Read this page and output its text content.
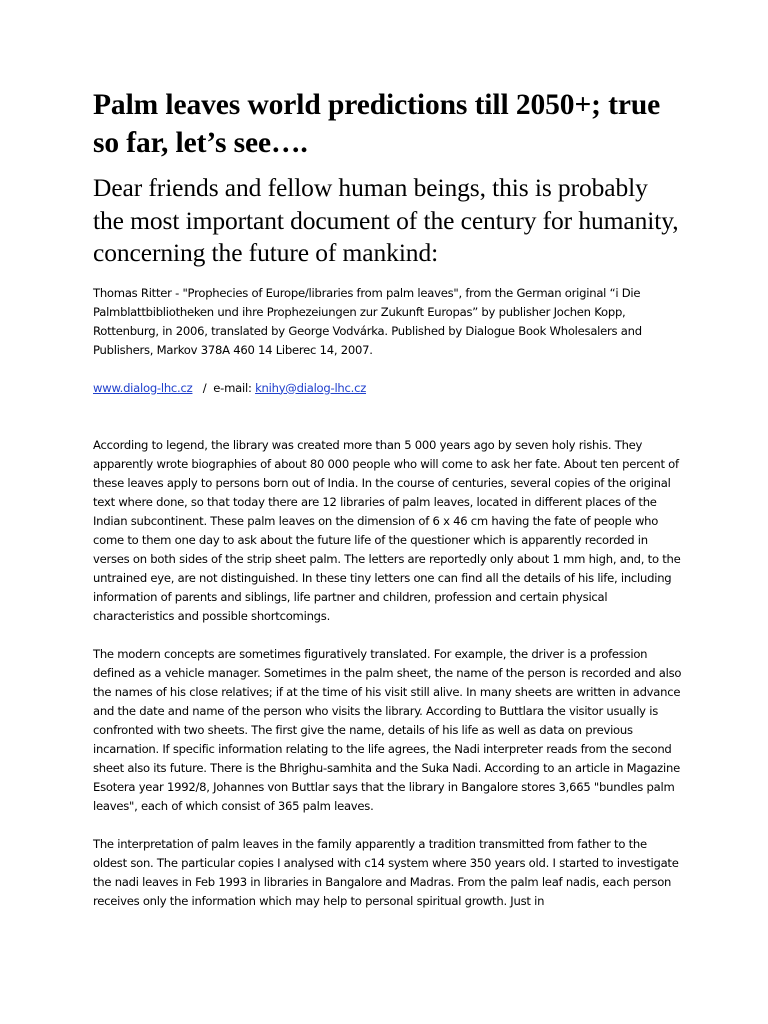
Palm leaves world predictions till 2050+; true so far, let’s see….

Dear friends and fellow human beings, this is probably the most important document of the century for humanity, concerning the future of mankind:

Thomas Ritter - "Prophecies of Europe/libraries from palm leaves", from the German original “i Die Palmblattbibliotheken und ihre Prophezeiungen zur Zukunft Europas” by publisher Jochen Kopp, Rottenburg, in 2006, translated by George Vodvárka. Published by Dialogue Book Wholesalers and Publishers, Markov 378A 460 14 Liberec 14, 2007.

www.dialog-lhc.cz / e-mail: knihy@dialog-lhc.cz

According to legend, the library was created more than 5 000 years ago by seven holy rishis. They apparently wrote biographies of about 80 000 people who will come to ask her fate. About ten percent of these leaves apply to persons born out of India. In the course of centuries, several copies of the original text where done, so that today there are 12 libraries of palm leaves, located in different places of the Indian subcontinent. These palm leaves on the dimension of 6 x 46 cm having the fate of people who come to them one day to ask about the future life of the questioner which is apparently recorded in verses on both sides of the strip sheet palm. The letters are reportedly only about 1 mm high, and, to the untrained eye, are not distinguished. In these tiny letters one can find all the details of his life, including information of parents and siblings, life partner and children, profession and certain physical characteristics and possible shortcomings.

The modern concepts are sometimes figuratively translated. For example, the driver is a profession defined as a vehicle manager. Sometimes in the palm sheet, the name of the person is recorded and also the names of his close relatives; if at the time of his visit still alive. In many sheets are written in advance and the date and name of the person who visits the library. According to Buttlara the visitor usually is confronted with two sheets. The first give the name, details of his life as well as data on previous incarnation. If specific information relating to the life agrees, the Nadi interpreter reads from the second sheet also its future. There is the Bhrighu-samhita and the Suka Nadi. According to an article in Magazine Esotera year 1992/8, Johannes von Buttlar says that the library in Bangalore stores 3,665 "bundles palm leaves", each of which consist of 365 palm leaves.

The interpretation of palm leaves in the family apparently a tradition transmitted from father to the oldest son. The particular copies I analysed with c14 system where 350 years old. I started to investigate the nadi leaves in Feb 1993 in libraries in Bangalore and Madras. From the palm leaf nadis, each person receives only the information which may help to personal spiritual growth. Just in
